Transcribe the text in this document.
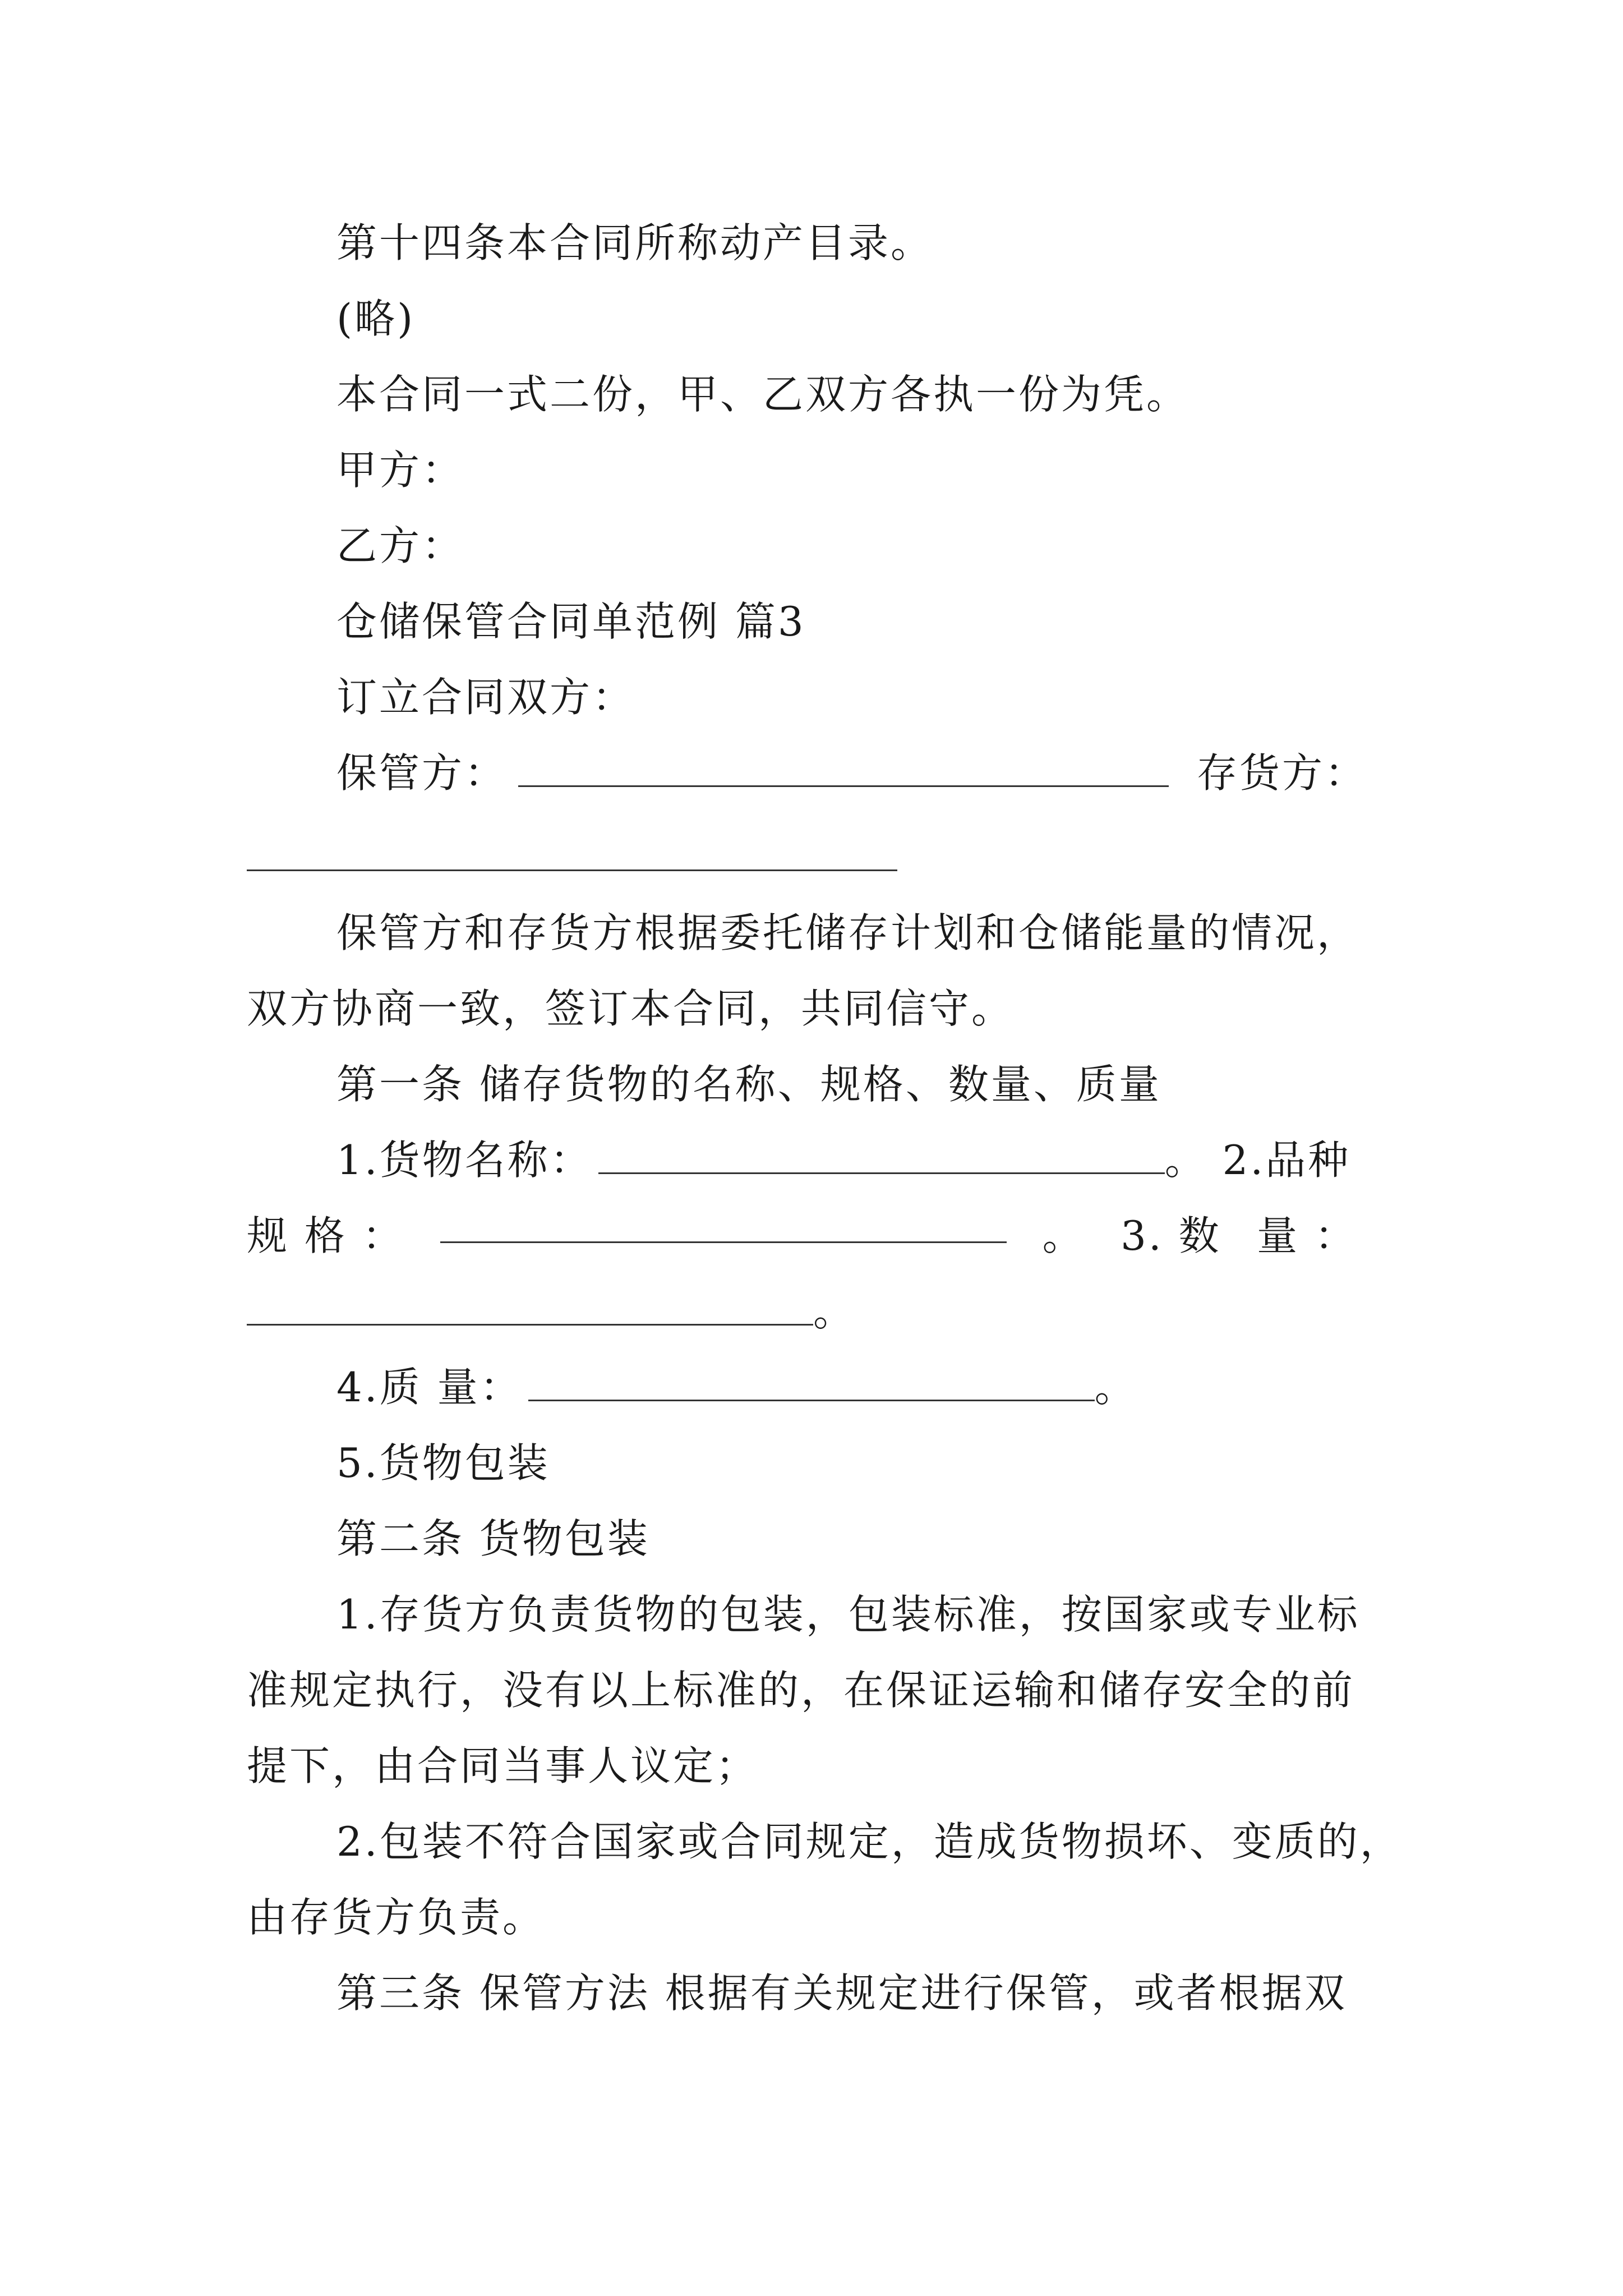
第十四条本合同所称动产目录。
(略)
本合同一式二份，甲、乙双方各执一份为凭。
甲方：
乙方：
仓储保管合同单范例 篇3
订立合同双方：
保管方：	存货方：
保管方和存货方根据委托储存计划和仓储能量的情况，
双方协商一致，签订本合同，共同信守。
第一条 储存货物的名称、规格、数量、质量
1.货物名称：	。 2.品种
规 格 ：	。 3. 数 量 ：
。
4.质 量：	。
5.货物包装
第二条 货物包装
1.存货方负责货物的包装，包装标准，按国家或专业标
准规定执行，没有以上标准的，在保证运输和储存安全的前
提下，由合同当事人议定；
2.包装不符合国家或合同规定，造成货物损坏、变质的，
由存货方负责。
第三条 保管方法 根据有关规定进行保管，或者根据双
